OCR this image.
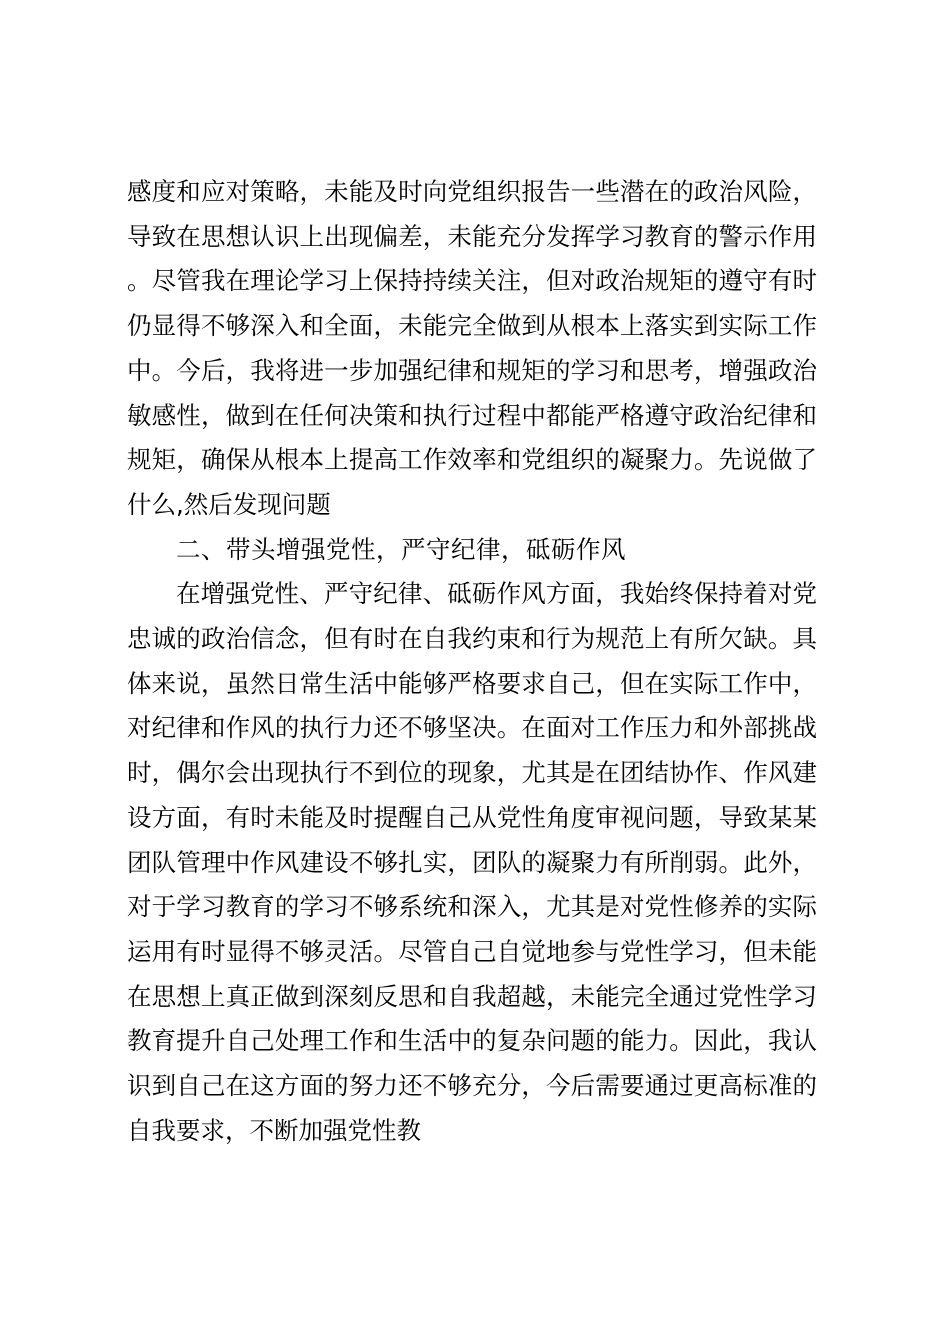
感度和应对策略，未能及时向党组织报告一些潜在的政治风险，导致在思想认识上出现偏差，未能充分发挥学习教育的警示作用。尽管我在理论学习上保持持续关注，但对政治规矩的遵守有时仍显得不够深入和全面，未能完全做到从根本上落实到实际工作中。今后，我将进一步加强纪律和规矩的学习和思考，增强政治敏感性，做到在任何决策和执行过程中都能严格遵守政治纪律和规矩，确保从根本上提高工作效率和党组织的凝聚力。先说做了什么,然后发现问题

二、带头增强党性，严守纪律，砥砺作风

在增强党性、严守纪律、砥砺作风方面，我始终保持着对党忠诚的政治信念，但有时在自我约束和行为规范上有所欠缺。具体来说，虽然日常生活中能够严格要求自己，但在实际工作中，对纪律和作风的执行力还不够坚决。在面对工作压力和外部挑战时，偶尔会出现执行不到位的现象，尤其是在团结协作、作风建设方面，有时未能及时提醒自己从党性角度审视问题，导致某某团队管理中作风建设不够扎实，团队的凝聚力有所削弱。此外，对于学习教育的学习不够系统和深入，尤其是对党性修养的实际运用有时显得不够灵活。尽管自己自觉地参与党性学习，但未能在思想上真正做到深刻反思和自我超越，未能完全通过党性学习教育提升自己处理工作和生活中的复杂问题的能力。因此，我认识到自己在这方面的努力还不够充分，今后需要通过更高标准的自我要求，不断加强党性教
